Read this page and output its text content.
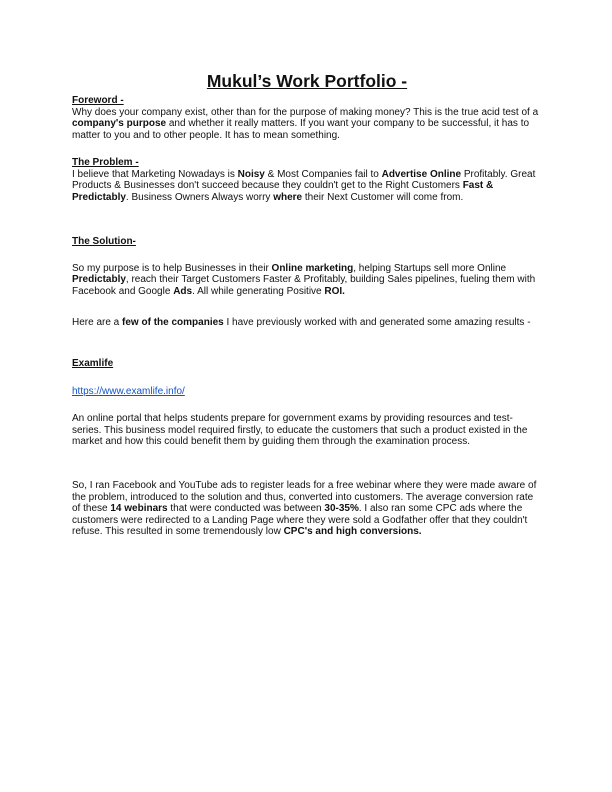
Mukul’s Work Portfolio -
Foreword -
Why does your company exist, other than for the purpose of making money? This is the true acid test of a company's purpose and whether it really matters. If you want your company to be successful, it has to matter to you and to other people. It has to mean something.
The Problem -
I believe that Marketing Nowadays is Noisy & Most Companies fail to Advertise Online Profitably. Great Products & Businesses don't succeed because they couldn't get to the Right Customers Fast & Predictably. Business Owners Always worry where their Next Customer will come from.
The Solution-
So my purpose is to help Businesses in their Online marketing, helping Startups sell more Online Predictably, reach their Target Customers Faster & Profitably, building Sales pipelines, fueling them with Facebook and Google Ads. All while generating Positive ROI.
Here are a few of the companies I have previously worked with and generated some amazing results -
Examlife
https://www.examlife.info/
An online portal that helps students prepare for government exams by providing resources and test-series. This business model required firstly, to educate the customers that such a product existed in the market and how this could benefit them by guiding them through the examination process.
So, I ran Facebook and YouTube ads to register leads for a free webinar where they were made aware of the problem, introduced to the solution and thus, converted into customers. The average conversion rate of these 14 webinars that were conducted was between 30-35%. I also ran some CPC ads where the customers were redirected to a Landing Page where they were sold a Godfather offer that they couldn't refuse. This resulted in some tremendously low CPC's and high conversions.
